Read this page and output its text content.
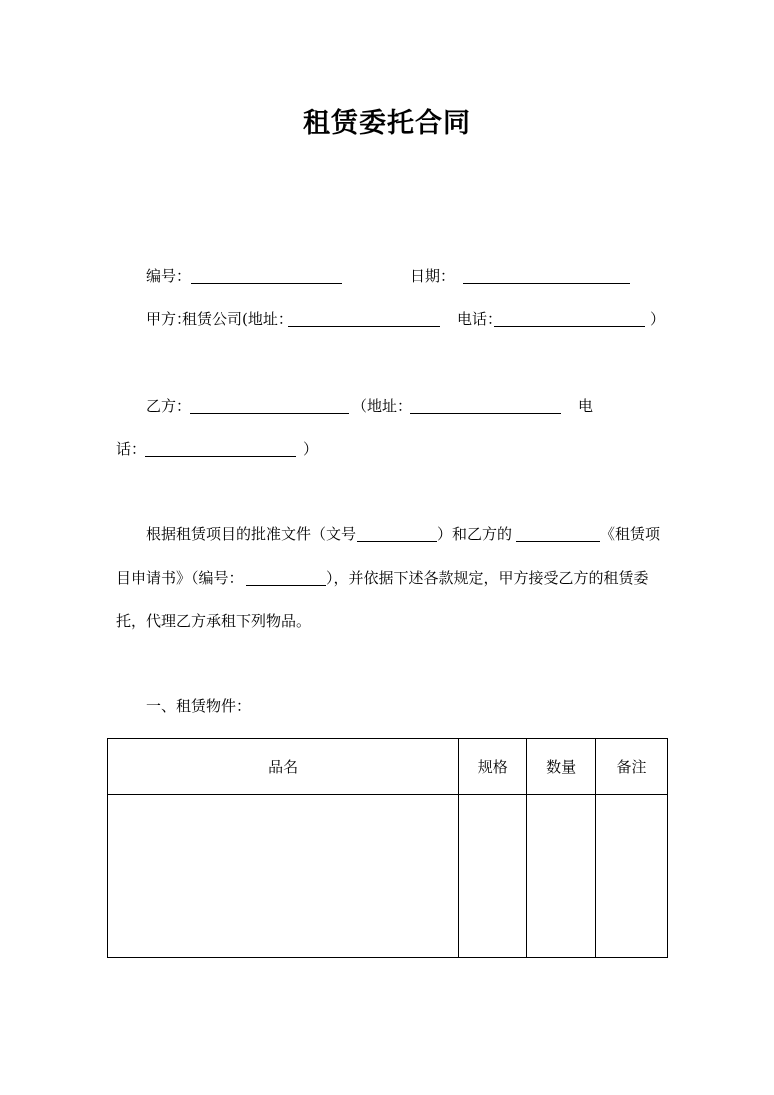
租赁委托合同
编号：	日期：
甲方：
租赁公司 (地址：	电话：	）
乙方：	（地址：	电
话：	）
根据租赁项目的批准文件（文号	）和乙方的	《租赁项
目申请书》（编号：	），并依据下述各款规定，甲方接受乙方的租赁委
托，代理乙方承租下列物品。
一、租赁物件：
品名	规格	数量	备注
